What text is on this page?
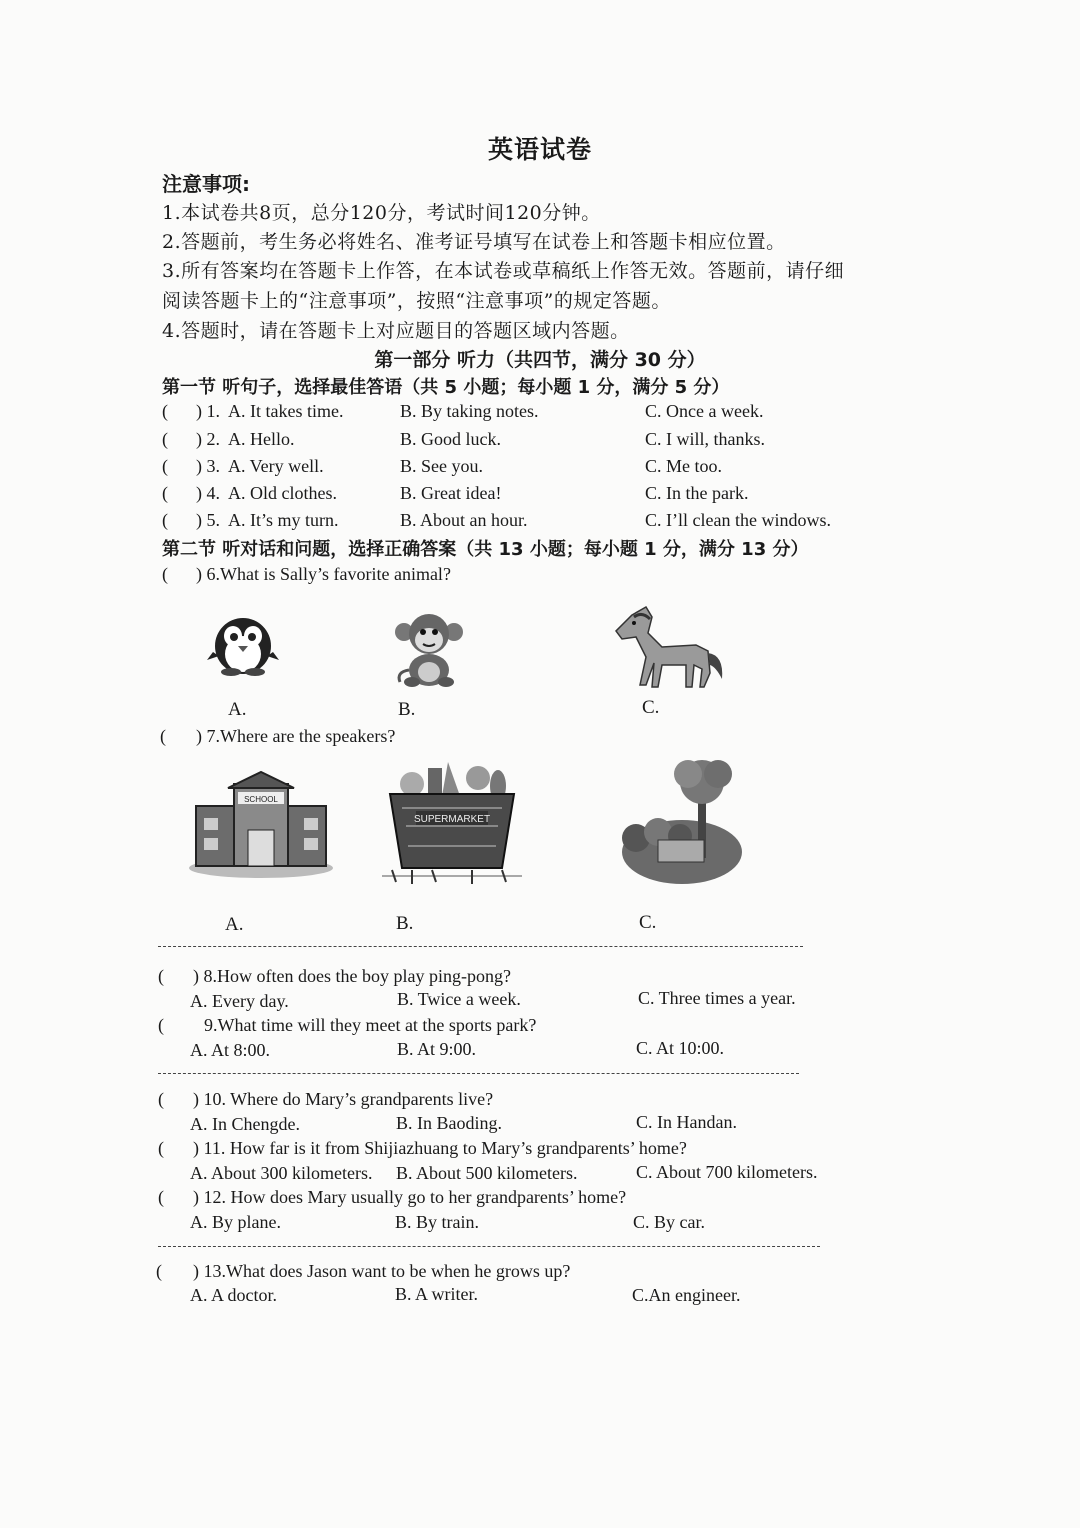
英语试卷
注意事项:
1.本试卷共8页，总分120分，考试时间120分钟。
2.答题前，考生务必将姓名、准考证号填写在试卷上和答题卡相应位置。
3.所有答案均在答题卡上作答，在本试卷或草稿纸上作答无效。答题前，请仔细
阅读答题卡上的“注意事项”，按照“注意事项”的规定答题。
4.答题时，请在答题卡上对应题目的答题区域内答题。
第一部分 听力（共四节，满分 30 分）
第一节 听句子，选择最佳答语（共 5 小题；每小题 1 分，满分 5 分）
( ) 1. A. It takes time.	B. By taking notes.	C. Once a week.
( ) 2. A. Hello.	B. Good luck.	C. I will, thanks.
( ) 3. A. Very well.	B. See you.	C. Me too.
( ) 4. A. Old clothes.	B. Great idea!	C. In the park.
( ) 5. A. It’s my turn.	B. About an hour.	C. I’ll clean the windows.
第二节 听对话和问题，选择正确答案（共 13 小题；每小题 1 分，满分 13 分）
( ) 6.What is Sally’s favorite animal?
A.	B.	C.
( ) 7.Where are the speakers?
SCHOOL
SUPERMARKET
A.	B.	C.
( ) 8.How often does the boy play ping-pong?
A. Every day.	B. Twice a week.	C. Three times a year.
( 9.What time will they meet at the sports park?
A. At 8:00.	B. At 9:00.	C. At 10:00.
( ) 10. Where do Mary’s grandparents live?
A. In Chengde.	B. In Baoding.	C. In Handan.
( ) 11. How far is it from Shijiazhuang to Mary’s grandparents’ home?
A. About 300 kilometers. B. About 500 kilometers.	C. About 700 kilometers.
( ) 12. How does Mary usually go to her grandparents’ home?
A. By plane.	B. By train.	C. By car.
( ) 13.What does Jason want to be when he grows up?
A. A doctor.	B. A writer.	C.An engineer.
